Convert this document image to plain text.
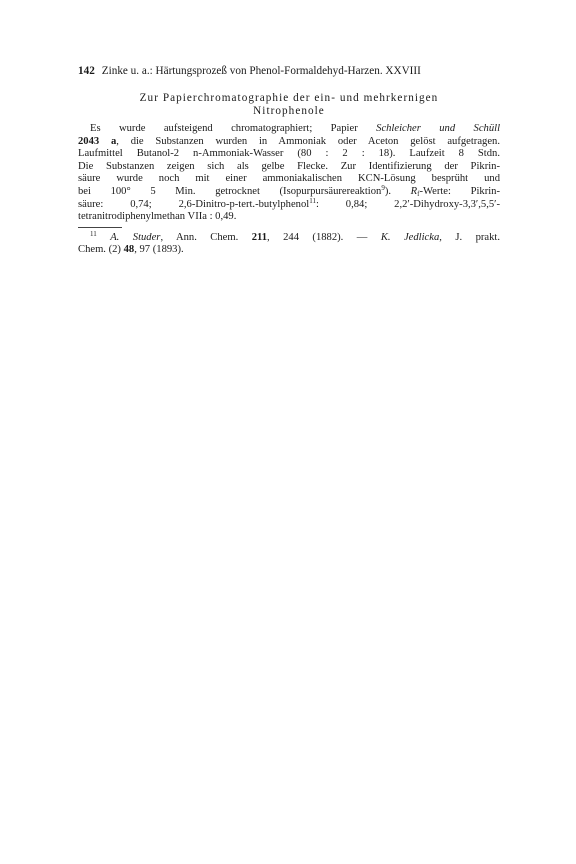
142 Zinke u. a.: Härtungsprozeß von Phenol-Formaldehyd-Harzen. XXVIII
Zur Papierchromatographie der ein- und mehrkernigen
Nitrophenole
Es wurde aufsteigend chromatographiert; Papier Schleicher und Schüll
2043 a, die Substanzen wurden in Ammoniak oder Aceton gelöst aufgetragen.
Laufmittel Butanol-2 n-Ammoniak-Wasser (80 : 2 : 18). Laufzeit 8 Stdn.
Die Substanzen zeigen sich als gelbe Flecke. Zur Identifizierung der Pikrin-
säure wurde noch mit einer ammoniakalischen KCN-Lösung besprüht und
bei 100° 5 Min. getrocknet (Isopurpursäurereaktion$^9$). $R_f$-Werte: Pikrin-
säure: 0,74; 2,6-Dinitro-p-tert.-butylphenol$^{11}$: 0,84; 2,2′-Dihydroxy-3,3′,5,5′-
tetranitrodiphenylmethan VIIa : 0,49.
$^{11}$ A. Studer, Ann. Chem. 211, 244 (1882). — K. Jedlicka, J. prakt.
Chem. (2) 48, 97 (1893).
